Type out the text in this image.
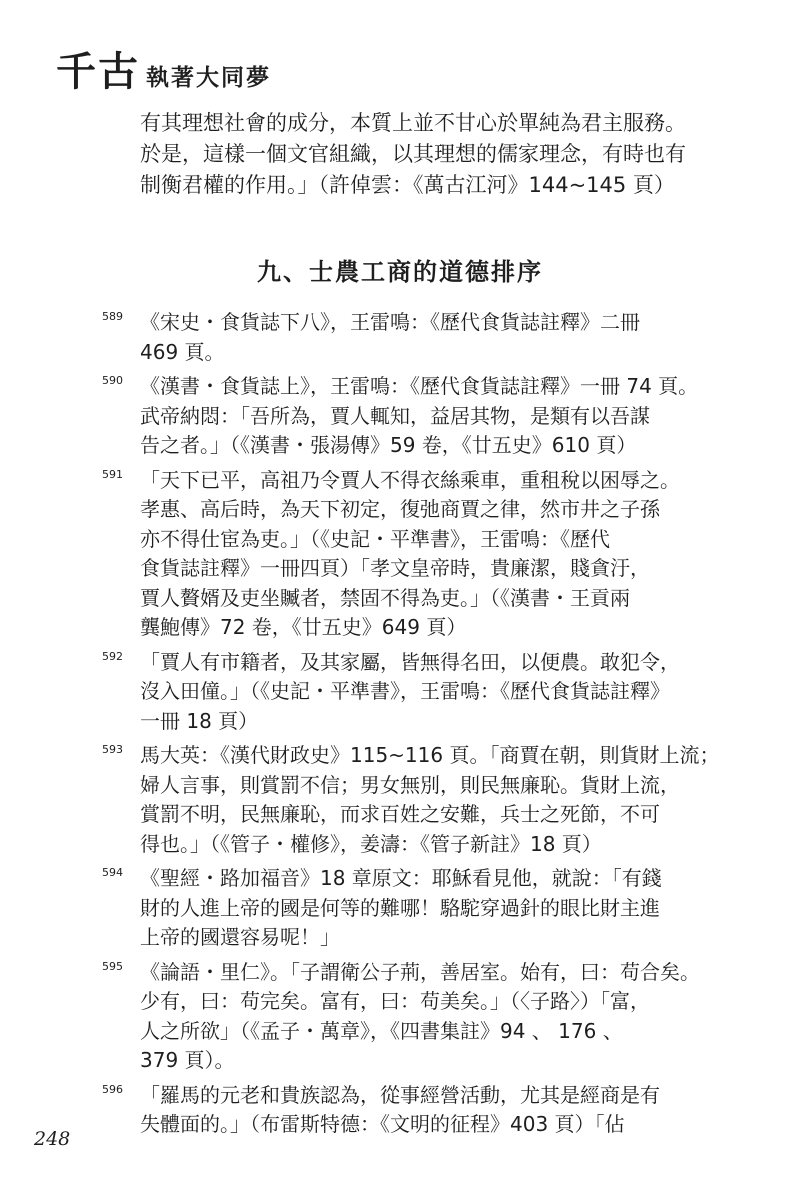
千古 執著大同夢
有其理想社會的成分，本質上並不甘心於單純為君主服務。
於是，這樣一個文官組織，以其理想的儒家理念，有時也有
制衡君權的作用。」（許倬雲：《萬古江河》144~145 頁）
九、士農工商的道德排序
589 《宋史・食貨誌下八》，王雷鳴：《歷代食貨誌註釋》二冊
469 頁。
590 《漢書・食貨誌上》，王雷鳴：《歷代食貨誌註釋》一冊 74 頁。
武帝納悶：「吾所為，賈人輒知，益居其物，是類有以吾謀
告之者。」（《漢書・張湯傳》59 卷，《廿五史》610 頁）
591 「天下已平，高祖乃令賈人不得衣絲乘車，重租稅以困辱之。
孝惠、高后時，為天下初定，復弛商賈之律，然市井之子孫
亦不得仕宦為吏。」（《史記・平準書》，王雷鳴：《歷代
食貨誌註釋》一冊四頁）「孝文皇帝時，貴廉潔，賤貪汙，
賈人贅婿及吏坐贓者，禁固不得為吏。」（《漢書・王貢兩
龔鮑傳》72 卷，《廿五史》649 頁）
592 「賈人有市籍者，及其家屬，皆無得名田，以便農。敢犯令，
沒入田僮。」（《史記・平準書》，王雷鳴：《歷代食貨誌註釋》
一冊 18 頁）
593 馬大英：《漢代財政史》115~116 頁。「商賈在朝，則貨財上流；
婦人言事，則賞罰不信；男女無別，則民無廉恥。貨財上流，
賞罰不明，民無廉恥，而求百姓之安難，兵士之死節，不可
得也。」（《管子・權修》，姜濤：《管子新註》18 頁）
594 《聖經・路加福音》18 章原文：耶穌看見他，就說：「有錢
財的人進上帝的國是何等的難哪！駱駝穿過針的眼比財主進
上帝的國還容易呢！」
595 《論語・里仁》。「子謂衛公子荊，善居室。始有，曰：苟合矣。
少有，曰：苟完矣。富有，曰：苟美矣。」（〈子路〉）「富，
人之所欲」（《孟子・萬章》，《四書集註》94 、 176 、
379 頁）。
596 「羅馬的元老和貴族認為，從事經營活動，尤其是經商是有
失體面的。」（布雷斯特德：《文明的征程》403 頁）「佔
248
